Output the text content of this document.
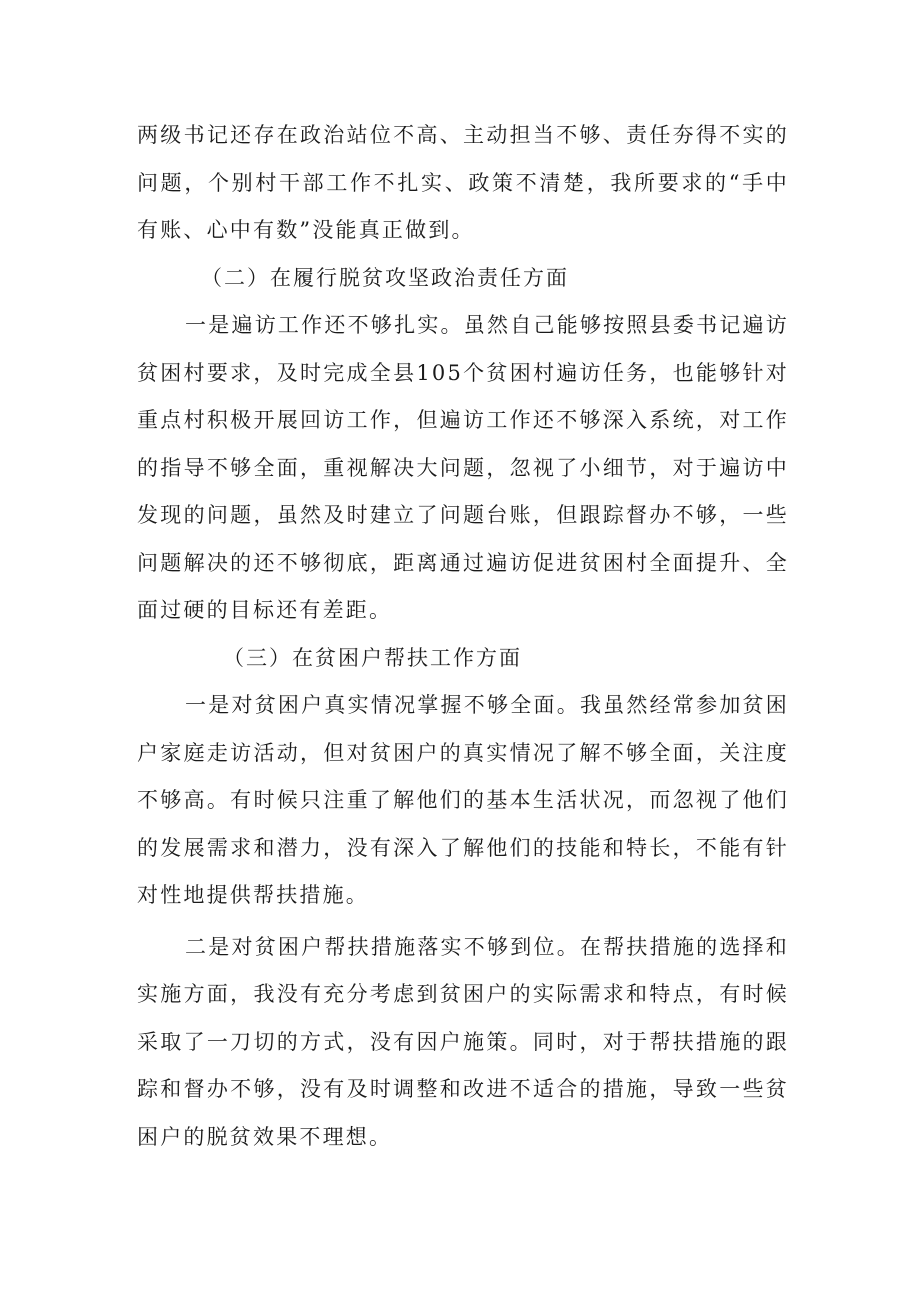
两级书记还存在政治站位不高、主动担当不够、责任夯得不实的问题，个别村干部工作不扎实、政策不清楚，我所要求的“手中有账、心中有数”没能真正做到。

（二）在履行脱贫攻坚政治责任方面

一是遍访工作还不够扎实。虽然自己能够按照县委书记遍访贫困村要求，及时完成全县105个贫困村遍访任务，也能够针对重点村积极开展回访工作，但遍访工作还不够深入系统，对工作的指导不够全面，重视解决大问题，忽视了小细节，对于遍访中发现的问题，虽然及时建立了问题台账，但跟踪督办不够，一些问题解决的还不够彻底，距离通过遍访促进贫困村全面提升、全面过硬的目标还有差距。

（三）在贫困户帮扶工作方面

一是对贫困户真实情况掌握不够全面。我虽然经常参加贫困户家庭走访活动，但对贫困户的真实情况了解不够全面，关注度不够高。有时候只注重了解他们的基本生活状况，而忽视了他们的发展需求和潜力，没有深入了解他们的技能和特长，不能有针对性地提供帮扶措施。

二是对贫困户帮扶措施落实不够到位。在帮扶措施的选择和实施方面，我没有充分考虑到贫困户的实际需求和特点，有时候采取了一刀切的方式，没有因户施策。同时，对于帮扶措施的跟踪和督办不够，没有及时调整和改进不适合的措施，导致一些贫困户的脱贫效果不理想。
